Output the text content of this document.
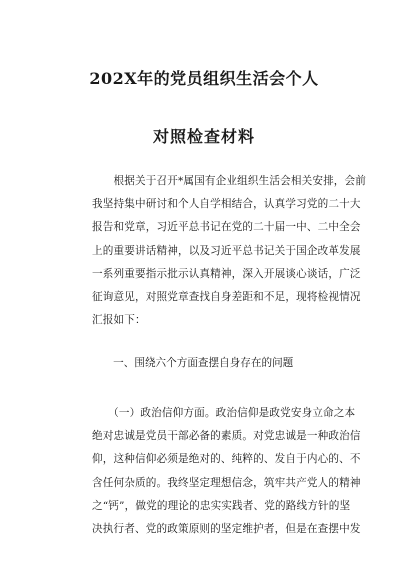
202X年的党员组织生活会个人
对照检查材料
　　根据关于召开*属国有企业组织生活会相关安排，会前
我坚持集中研讨和个人自学相结合，认真学习党的二十大
报告和党章，习近平总书记在党的二十届一中、二中全会
上的重要讲话精神，以及习近平总书记关于国企改革发展
一系列重要指示批示认真精神，深入开展谈心谈话，广泛
征询意见，对照党章查找自身差距和不足，现将检视情况
汇报如下：
　　一、围绕六个方面查摆自身存在的问题
　　（一）政治信仰方面。政治信仰是政党安身立命之本
绝对忠诚是党员干部必备的素质。对党忠诚是一种政治信
仰，这种信仰必须是绝对的、纯粹的、发自于内心的、不
含任何杂质的。我终坚定理想信念，筑牢共产党人的精神
之“钙”，做党的理论的忠实实践者、党的路线方针的坚
决执行者、党的政策原则的坚定维护者，但是在查摆中发
